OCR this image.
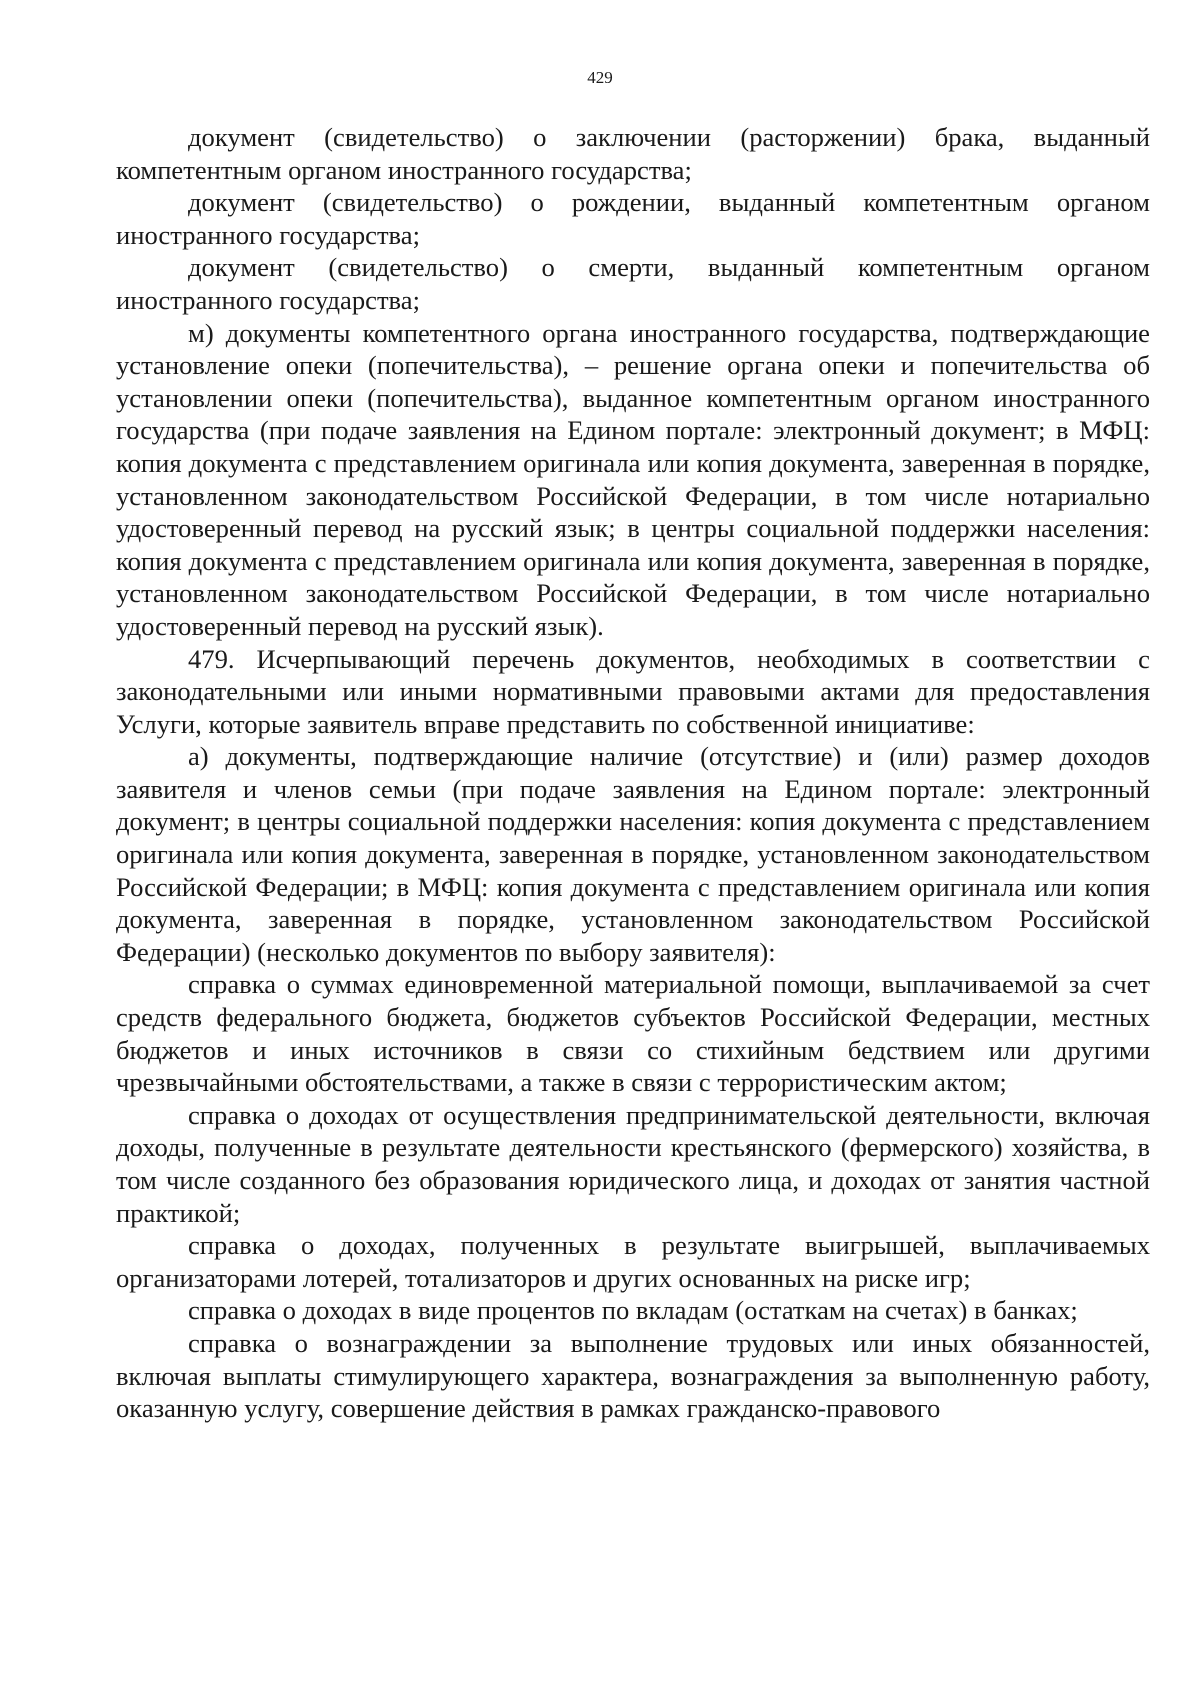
429

документ (свидетельство) о заключении (расторжении) брака, выданный компетентным органом иностранного государства;

документ (свидетельство) о рождении, выданный компетентным органом иностранного государства;

документ (свидетельство) о смерти, выданный компетентным органом иностранного государства;

м) документы компетентного органа иностранного государства, подтверждающие установление опеки (попечительства), – решение органа опеки и попечительства об установлении опеки (попечительства), выданное компетентным органом иностранного государства (при подаче заявления на Едином портале: электронный документ; в МФЦ: копия документа с представлением оригинала или копия документа, заверенная в порядке, установленном законодательством Российской Федерации, в том числе нотариально удостоверенный перевод на русский язык; в центры социальной поддержки населения: копия документа с представлением оригинала или копия документа, заверенная в порядке, установленном законодательством Российской Федерации, в том числе нотариально удостоверенный перевод на русский язык).

479. Исчерпывающий перечень документов, необходимых в соответствии с законодательными или иными нормативными правовыми актами для предоставления Услуги, которые заявитель вправе представить по собственной инициативе:

а) документы, подтверждающие наличие (отсутствие) и (или) размер доходов заявителя и членов семьи (при подаче заявления на Едином портале: электронный документ; в центры социальной поддержки населения: копия документа с представлением оригинала или копия документа, заверенная в порядке, установленном законодательством Российской Федерации; в МФЦ: копия документа с представлением оригинала или копия документа, заверенная в порядке, установленном законодательством Российской Федерации) (несколько документов по выбору заявителя):

справка о суммах единовременной материальной помощи, выплачиваемой за счет средств федерального бюджета, бюджетов субъектов Российской Федерации, местных бюджетов и иных источников в связи со стихийным бедствием или другими чрезвычайными обстоятельствами, а также в связи с террористическим актом;

справка о доходах от осуществления предпринимательской деятельности, включая доходы, полученные в результате деятельности крестьянского (фермерского) хозяйства, в том числе созданного без образования юридического лица, и доходах от занятия частной практикой;

справка о доходах, полученных в результате выигрышей, выплачиваемых организаторами лотерей, тотализаторов и других основанных на риске игр;

справка о доходах в виде процентов по вкладам (остаткам на счетах) в банках;

справка о вознаграждении за выполнение трудовых или иных обязанностей, включая выплаты стимулирующего характера, вознаграждения за выполненную работу, оказанную услугу, совершение действия в рамках гражданско-правового
